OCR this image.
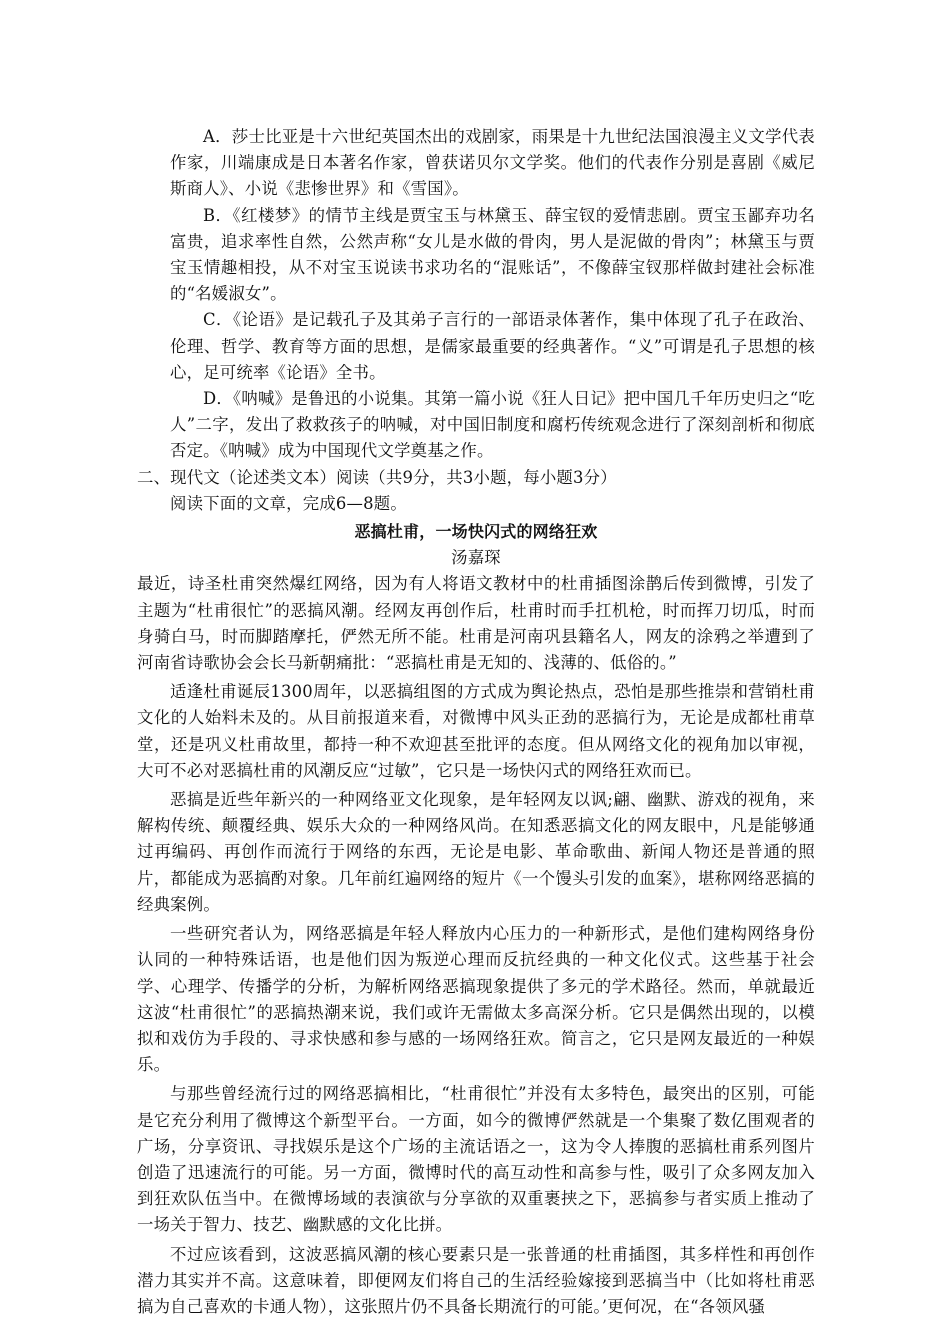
A．莎士比亚是十六世纪英国杰出的戏剧家，雨果是十九世纪法国浪漫主义文学代表作家，川端康成是日本著名作家，曾获诺贝尔文学奖。他们的代表作分别是喜剧《威尼斯商人》、小说《悲惨世界》和《雪国》。

B．《红楼梦》的情节主线是贾宝玉与林黛玉、薛宝钗的爱情悲剧。贾宝玉鄙弃功名富贵，追求率性自然，公然声称“女儿是水做的骨肉，男人是泥做的骨肉”；林黛玉与贾宝玉情趣相投，从不对宝玉说读书求功名的“混账话”，不像薛宝钗那样做封建社会标准的“名媛淑女”。

C．《论语》是记载孔子及其弟子言行的一部语录体著作，集中体现了孔子在政治、伦理、哲学、教育等方面的思想，是儒家最重要的经典著作。“义”可谓是孔子思想的核心，足可统率《论语》全书。

D．《呐喊》是鲁迅的小说集。其第一篇小说《狂人日记》把中国几千年历史归之“吃人”二字，发出了救救孩子的呐喊，对中国旧制度和腐朽传统观念进行了深刻剖析和彻底否定。《呐喊》成为中国现代文学奠基之作。

二、现代文（论述类文本）阅读（共9分，共3小题，每小题3分）

阅读下面的文章，完成6—8题。

恶搞杜甫，一场快闪式的网络狂欢

汤嘉琛

最近，诗圣杜甫突然爆红网络，因为有人将语文教材中的杜甫插图涂鹊后传到微博，引发了主题为“杜甫很忙”的恶搞风潮。经网友再创作后，杜甫时而手扛机枪，时而挥刀切瓜，时而身骑白马，时而脚踏摩托，俨然无所不能。杜甫是河南巩县籍名人，网友的涂鸦之举遭到了河南省诗歌协会会长马新朝痛批：“恶搞杜甫是无知的、浅薄的、低俗的。”

适逢杜甫诞辰1300周年，以恶搞组图的方式成为舆论热点，恐怕是那些推崇和营销杜甫文化的人始料未及的。从目前报道来看，对微博中风头正劲的恶搞行为，无论是成都杜甫草堂，还是巩义杜甫故里，都持一种不欢迎甚至批评的态度。但从网络文化的视角加以审视，大可不必对恶搞杜甫的风潮反应“过敏”，它只是一场快闪式的网络狂欢而已。

恶搞是近些年新兴的一种网络亚文化现象，是年轻网友以讽;翩、幽默、游戏的视角，来解构传统、颠覆经典、娱乐大众的一种网络风尚。在知悉恶搞文化的网友眼中，凡是能够通过再编码、再创作而流行于网络的东西，无论是电影、革命歌曲、新闻人物还是普通的照片，都能成为恶搞酌对象。几年前红遍网络的短片《一个馒头引发的血案》，堪称网络恶搞的经典案例。

一些研究者认为，网络恶搞是年轻人释放内心压力的一种新形式，是他们建构网络身份认同的一种特殊话语，也是他们因为叛逆心理而反抗经典的一种文化仪式。这些基于社会学、心理学、传播学的分析，为解析网络恶搞现象提供了多元的学术路径。然而，单就最近这波“杜甫很忙”的恶搞热潮来说，我们或许无需做太多高深分析。它只是偶然出现的，以模拟和戏仿为手段的、寻求快感和参与感的一场网络狂欢。简言之，它只是网友最近的一种娱乐。

与那些曾经流行过的网络恶搞相比，“杜甫很忙”并没有太多特色，最突出的区别，可能是它充分利用了微博这个新型平台。一方面，如今的微博俨然就是一个集聚了数亿围观者的广场，分享资讯、寻找娱乐是这个广场的主流话语之一，这为令人捧腹的恶搞杜甫系列图片创造了迅速流行的可能。另一方面，微博时代的高互动性和高参与性，吸引了众多网友加入到狂欢队伍当中。在微博场域的表演欲与分享欲的双重裹挟之下，恶搞参与者实质上推动了一场关于智力、技艺、幽默感的文化比拼。

不过应该看到，这波恶搞风潮的核心要素只是一张普通的杜甫插图，其多样性和再创作潜力其实并不高。这意味着，即便网友们将自己的生活经验嫁接到恶搞当中（比如将杜甫恶搞为自己喜欢的卡通人物），这张照片仍不具备长期流行的可能。’更何况，在“各领风骚
